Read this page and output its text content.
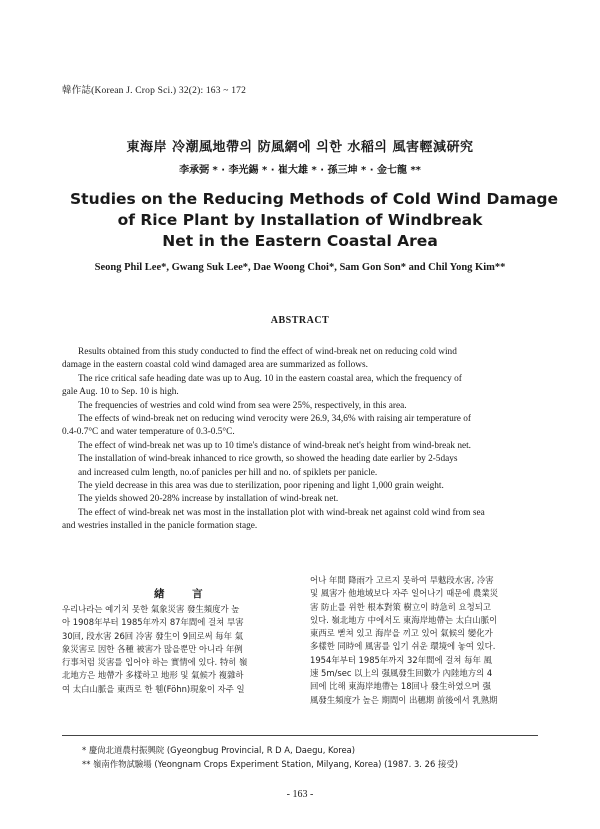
韓作誌(Korean J. Crop Sci.) 32(2): 163 ~ 172
東海岸 冷潮風地帶의 防風網에 의한 水稲의 風害輕減硏究
李承弼 * · 李光錫 * · 崔大雄 * · 孫三坤 * · 金七龍 **
Studies on the Reducing Methods of Cold Wind Damage
of Rice Plant by Installation of Windbreak
Net in the Eastern Coastal Area
Seong Phil Lee*, Gwang Suk Lee*, Dae Woong Choi*, Sam Gon Son* and Chil Yong Kim**
ABSTRACT

Results obtained from this study conducted to find the effect of wind-break net on reducing cold wind

damage in the eastern coastal cold wind damaged area are summarized as follows.

The rice critical safe heading date was up to Aug. 10 in the eastern coastal area, which the frequency of

gale Aug. 10 to Sep. 10 is high.

The frequencies of westries and cold wind from sea were 25%, respectively, in this area.

The effects of wind-break net on reducing wind verocity were 26.9, 34,6% with raising air temperature of

0.4-0.7°C and water temperature of 0.3-0.5°C.

The effect of wind-break net was up to 10 time's distance of wind-break net's height from wind-break net.

The installation of wind-break inhanced to rice growth, so showed the heading date earlier by 2-5days

and increased culm length, no.of panicles per hill and no. of spiklets per panicle.

The yield decrease in this area was due to sterilization, poor ripening and light 1,000 grain weight.

The yields showed 20-28% increase by installation of wind-break net.

The effect of wind-break net was most in the installation plot with wind-break net against cold wind from sea

and westries installed in the panicle formation stage.

緖 言

우리나라는 예기치 못한 氣象災害 發生頻度가 높

아 1908年부터 1985年까지 87年間에 걸쳐 旱害

30回, 段水害 26回 冷害 發生이 9回로써 每年 氣

象災害로 因한 各種 被害가 많을뿐만 아니라 年例

行事처럼 災害를 입어야 하는 實情에 있다. 特히 嶺

北地方은 地帶가 多樣하고 地形 및 氣候가 複雜하

여 太白山脈을 東西로 한 휀(Föhn)現象이 자주 일

어나 年間 降雨가 고르지 못하여 旱魃段水害, 冷害

및 風害가 他地域보다 자주 일어나기 때문에 農業災

害 防止를 위한 根本對策 樹立이 時急히 요청되고

있다. 嶺北地方 中에서도 東海岸地帶는 太白山脈이

東西로 뻗쳐 있고 海岸을 끼고 있어 氣候의 變化가

多樣한 同時에 風害를 입기 쉬운 環境에 놓여 있다.

1954年부터 1985年까지 32年間에 걸쳐 每年 風

速 5m/sec 以上의 强風發生回數가 內陸地方의 4

回에 比해 東海岸地帶는 18回나 發生하였으며 强

風發生頻度가 높은 期間이 出穗期 前後에서 乳熟期

* 慶尙北道農村振興院 (Gyeongbug Provincial, R D A, Daegu, Korea)

** 嶺南作物試驗場 (Yeongnam Crops Experiment Station, Milyang, Korea) (1987. 3. 26 接受)

- 163 -
